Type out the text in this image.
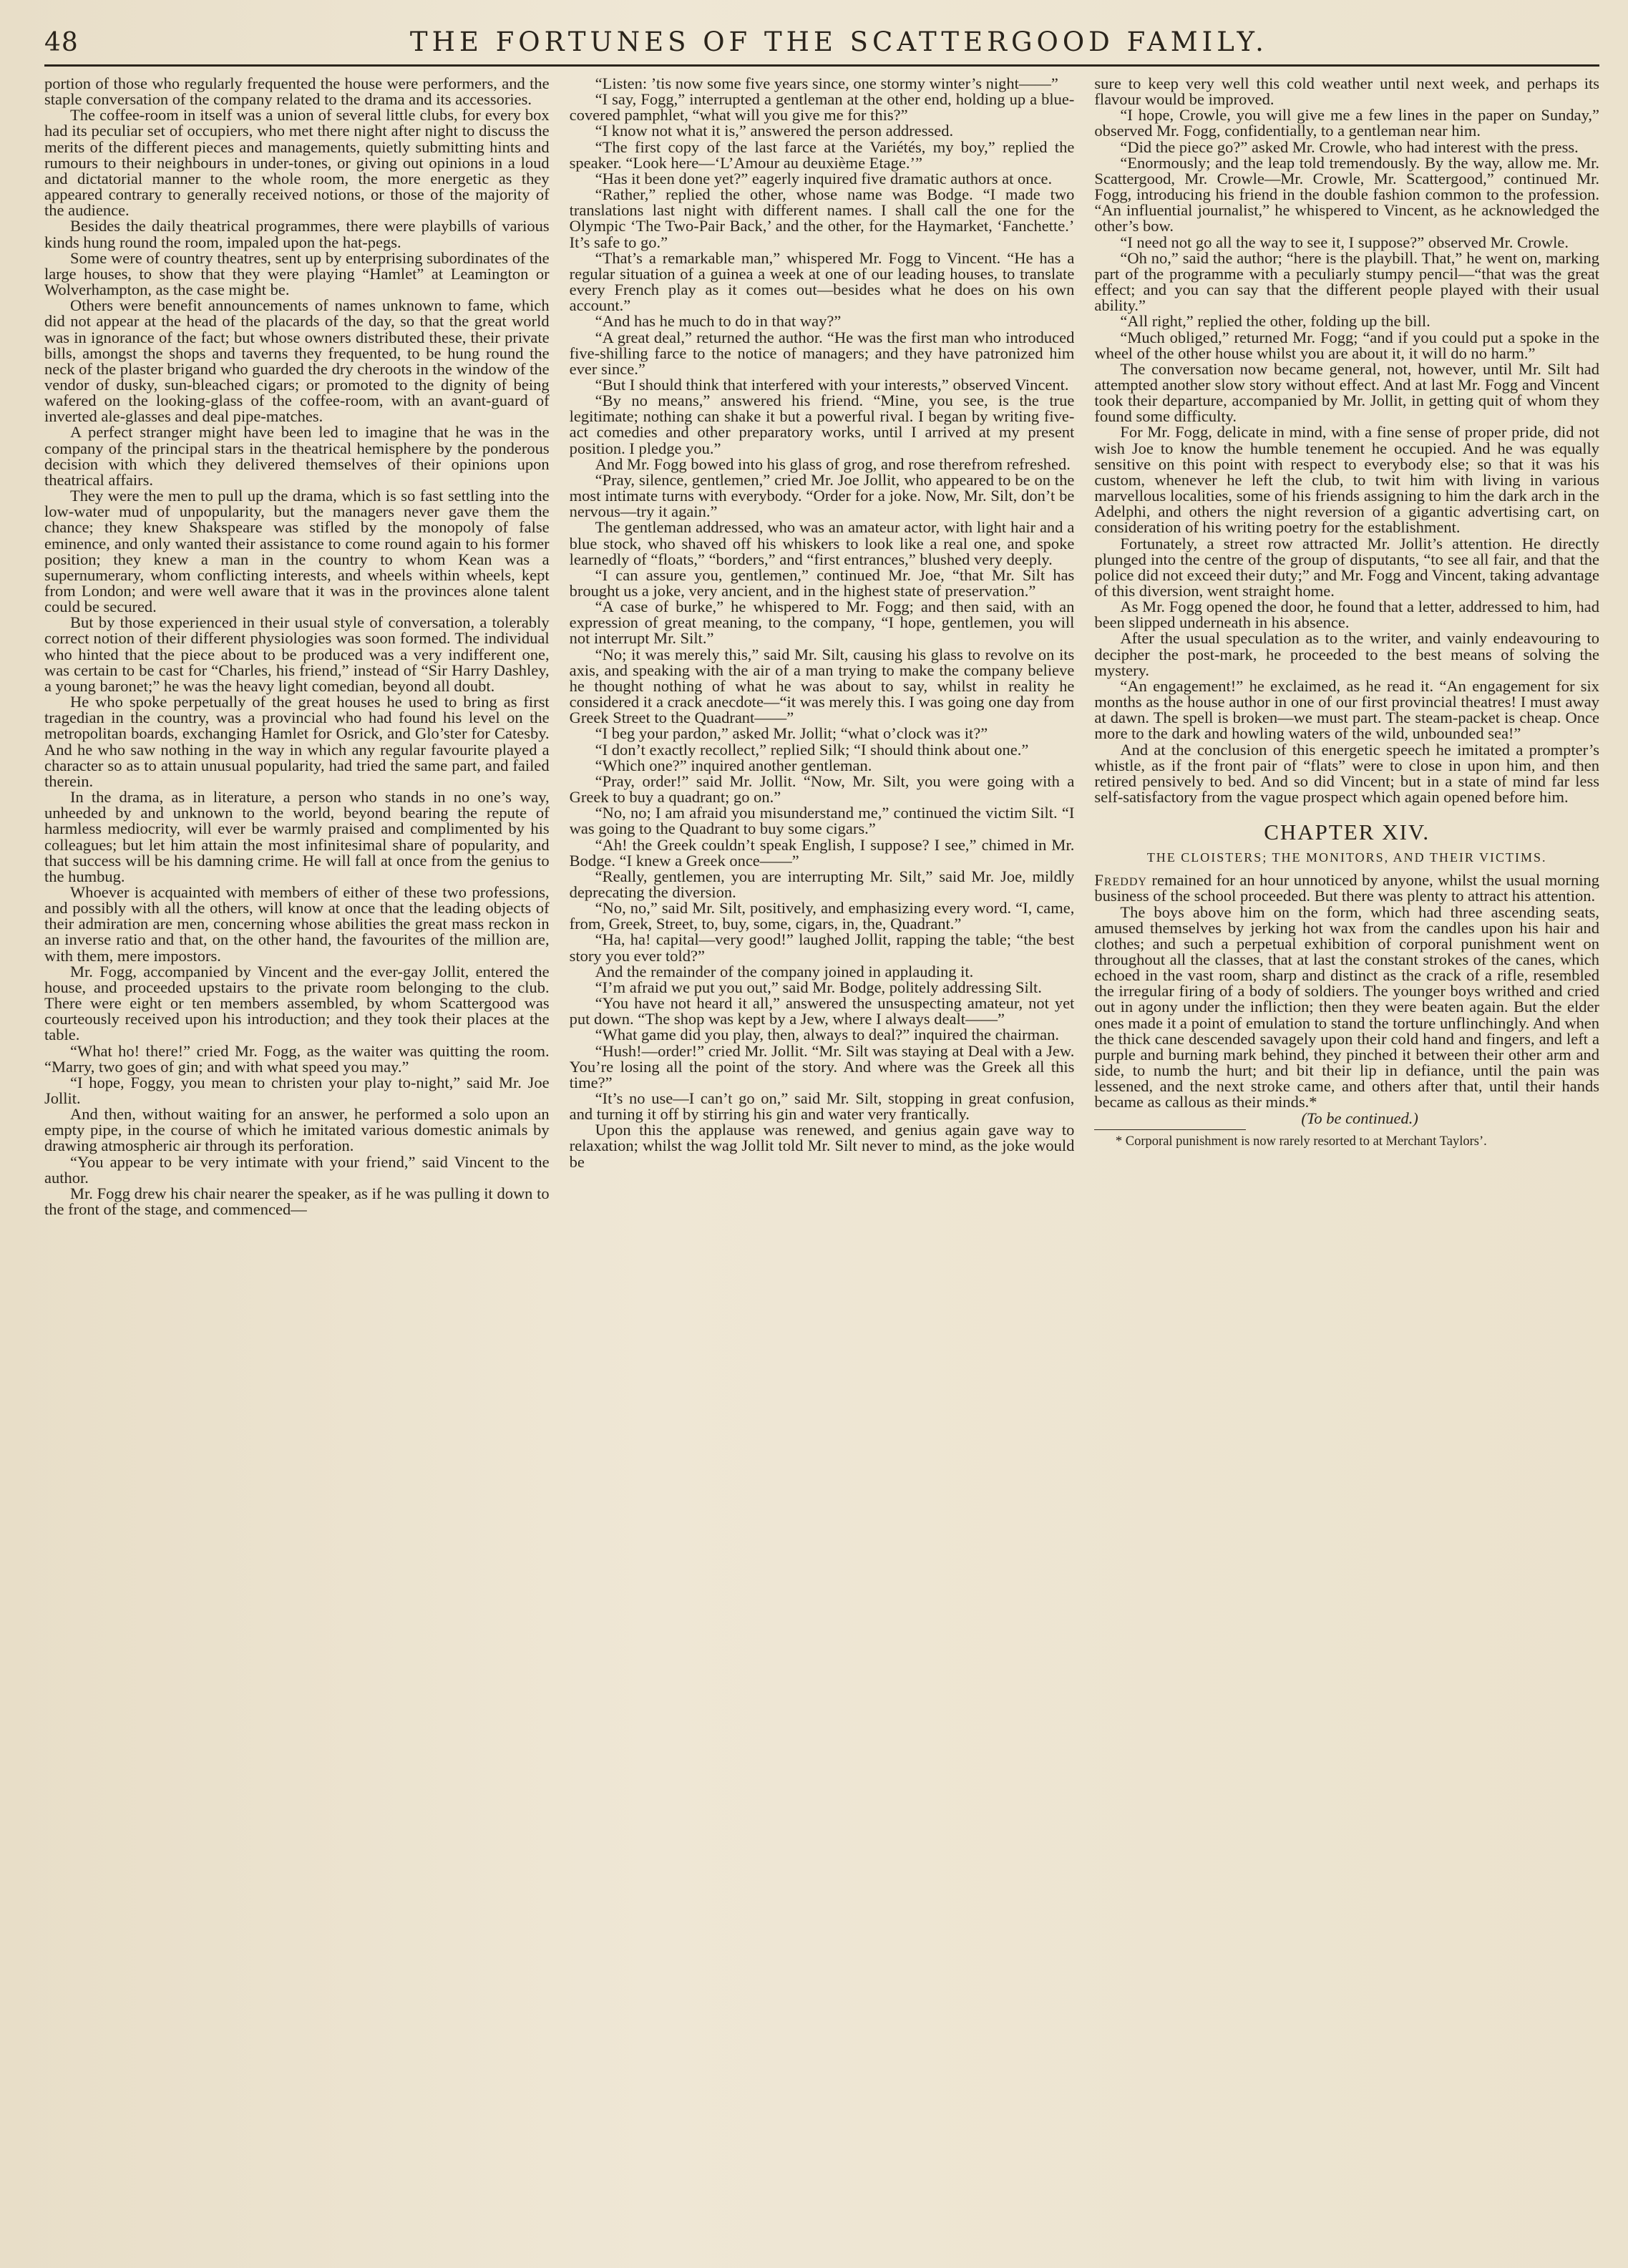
48	THE FORTUNES OF THE SCATTERGOOD FAMILY.

portion of those who regularly frequented the house were performers, and the staple conversation of the company related to the drama and its accessories.

The coffee-room in itself was a union of several little clubs, for every box had its peculiar set of occupiers, who met there night after night to discuss the merits of the different pieces and managements, quietly submitting hints and rumours to their neighbours in under-tones, or giving out opinions in a loud and dictatorial manner to the whole room, the more energetic as they appeared contrary to generally received notions, or those of the majority of the audience.

Besides the daily theatrical programmes, there were playbills of various kinds hung round the room, impaled upon the hat-pegs.

Some were of country theatres, sent up by enterprising subordinates of the large houses, to show that they were playing “Hamlet” at Leamington or Wolverhampton, as the case might be.

Others were benefit announcements of names unknown to fame, which did not appear at the head of the placards of the day, so that the great world was in ignorance of the fact; but whose owners distributed these, their private bills, amongst the shops and taverns they frequented, to be hung round the neck of the plaster brigand who guarded the dry cheroots in the window of the vendor of dusky, sun-bleached cigars; or promoted to the dignity of being wafered on the looking-glass of the coffee-room, with an avant-guard of inverted ale-glasses and deal pipe-matches.

A perfect stranger might have been led to imagine that he was in the company of the principal stars in the theatrical hemisphere by the ponderous decision with which they delivered themselves of their opinions upon theatrical affairs.

They were the men to pull up the drama, which is so fast settling into the low-water mud of unpopularity, but the managers never gave them the chance; they knew Shakspeare was stifled by the monopoly of false eminence, and only wanted their assistance to come round again to his former position; they knew a man in the country to whom Kean was a supernumerary, whom conflicting interests, and wheels within wheels, kept from London; and were well aware that it was in the provinces alone talent could be secured.

But by those experienced in their usual style of conversation, a tolerably correct notion of their different physiologies was soon formed. The individual who hinted that the piece about to be produced was a very indifferent one, was certain to be cast for “Charles, his friend,” instead of “Sir Harry Dashley, a young baronet;” he was the heavy light comedian, beyond all doubt.

He who spoke perpetually of the great houses he used to bring as first tragedian in the country, was a provincial who had found his level on the metropolitan boards, exchanging Hamlet for Osrick, and Glo’ster for Catesby. And he who saw nothing in the way in which any regular favourite played a character so as to attain unusual popularity, had tried the same part, and failed therein.

In the drama, as in literature, a person who stands in no one’s way, unheeded by and unknown to the world, beyond bearing the repute of harmless mediocrity, will ever be warmly praised and complimented by his colleagues; but let him attain the most infinitesimal share of popularity, and that success will be his damning crime. He will fall at once from the genius to the humbug.

Whoever is acquainted with members of either of these two professions, and possibly with all the others, will know at once that the leading objects of their admiration are men, concerning whose abilities the great mass reckon in an inverse ratio and that, on the other hand, the favourites of the million are, with them, mere impostors.

Mr. Fogg, accompanied by Vincent and the ever-gay Jollit, entered the house, and proceeded upstairs to the private room belonging to the club. There were eight or ten members assembled, by whom Scattergood was courteously received upon his introduction; and they took their places at the table.

“What ho! there!” cried Mr. Fogg, as the waiter was quitting the room. “Marry, two goes of gin; and with what speed you may.”

“I hope, Foggy, you mean to christen your play to-night,” said Mr. Joe Jollit.

And then, without waiting for an answer, he performed a solo upon an empty pipe, in the course of which he imitated various domestic animals by drawing atmospheric air through its perforation.

“You appear to be very intimate with your friend,” said Vincent to the author.

Mr. Fogg drew his chair nearer the speaker, as if he was pulling it down to the front of the stage, and commenced—

“Listen: ’tis now some five years since, one stormy winter’s night——”

“I say, Fogg,” interrupted a gentleman at the other end, holding up a blue-covered pamphlet, “what will you give me for this?”

“I know not what it is,” answered the person addressed.

“The first copy of the last farce at the Variétés, my boy,” replied the speaker. “Look here—‘L’Amour au deuxième Etage.’”

“Has it been done yet?” eagerly inquired five dramatic authors at once.

“Rather,” replied the other, whose name was Bodge. “I made two translations last night with different names. I shall call the one for the Olympic ‘The Two-Pair Back,’ and the other, for the Haymarket, ‘Fanchette.’ It’s safe to go.”

“That’s a remarkable man,” whispered Mr. Fogg to Vincent. “He has a regular situation of a guinea a week at one of our leading houses, to translate every French play as it comes out—besides what he does on his own account.”

“And has he much to do in that way?”

“A great deal,” returned the author. “He was the first man who introduced five-shilling farce to the notice of managers; and they have patronized him ever since.”

“But I should think that interfered with your interests,” observed Vincent.

“By no means,” answered his friend. “Mine, you see, is the true legitimate; nothing can shake it but a powerful rival. I began by writing five-act comedies and other preparatory works, until I arrived at my present position. I pledge you.”

And Mr. Fogg bowed into his glass of grog, and rose therefrom refreshed.

“Pray, silence, gentlemen,” cried Mr. Joe Jollit, who appeared to be on the most intimate turns with everybody. “Order for a joke. Now, Mr. Silt, don’t be nervous—try it again.”

The gentleman addressed, who was an amateur actor, with light hair and a blue stock, who shaved off his whiskers to look like a real one, and spoke learnedly of “floats,” “borders,” and “first entrances,” blushed very deeply.

“I can assure you, gentlemen,” continued Mr. Joe, “that Mr. Silt has brought us a joke, very ancient, and in the highest state of preservation.”

“A case of burke,” he whispered to Mr. Fogg; and then said, with an expression of great meaning, to the company, “I hope, gentlemen, you will not interrupt Mr. Silt.”

“No; it was merely this,” said Mr. Silt, causing his glass to revolve on its axis, and speaking with the air of a man trying to make the company believe he thought nothing of what he was about to say, whilst in reality he considered it a crack anecdote—“it was merely this. I was going one day from Greek Street to the Quadrant——”

“I beg your pardon,” asked Mr. Jollit; “what o’clock was it?”

“I don’t exactly recollect,” replied Silk; “I should think about one.”

“Which one?” inquired another gentleman.

“Pray, order!” said Mr. Jollit. “Now, Mr. Silt, you were going with a Greek to buy a quadrant; go on.”

“No, no; I am afraid you misunderstand me,” continued the victim Silt. “I was going to the Quadrant to buy some cigars.”

“Ah! the Greek couldn’t speak English, I suppose? I see,” chimed in Mr. Bodge. “I knew a Greek once——”

“Really, gentlemen, you are interrupting Mr. Silt,” said Mr. Joe, mildly deprecating the diversion.

“No, no,” said Mr. Silt, positively, and emphasizing every word. “I, came, from, Greek, Street, to, buy, some, cigars, in, the, Quadrant.”

“Ha, ha! capital—very good!” laughed Jollit, rapping the table; “the best story you ever told?”

And the remainder of the company joined in applauding it.

“I’m afraid we put you out,” said Mr. Bodge, politely addressing Silt.

“You have not heard it all,” answered the unsuspecting amateur, not yet put down. “The shop was kept by a Jew, where I always dealt——”

“What game did you play, then, always to deal?” inquired the chairman.

“Hush!—order!” cried Mr. Jollit. “Mr. Silt was staying at Deal with a Jew. You’re losing all the point of the story. And where was the Greek all this time?”

“It’s no use—I can’t go on,” said Mr. Silt, stopping in great confusion, and turning it off by stirring his gin and water very frantically.

Upon this the applause was renewed, and genius again gave way to relaxation; whilst the wag Jollit told Mr. Silt never to mind, as the joke would be

sure to keep very well this cold weather until next week, and perhaps its flavour would be improved.

“I hope, Crowle, you will give me a few lines in the paper on Sunday,” observed Mr. Fogg, confidentially, to a gentleman near him.

“Did the piece go?” asked Mr. Crowle, who had interest with the press.

“Enormously; and the leap told tremendously. By the way, allow me. Mr. Scattergood, Mr. Crowle—Mr. Crowle, Mr. Scattergood,” continued Mr. Fogg, introducing his friend in the double fashion common to the profession. “An influential journalist,” he whispered to Vincent, as he acknowledged the other’s bow.

“I need not go all the way to see it, I suppose?” observed Mr. Crowle.

“Oh no,” said the author; “here is the playbill. That,” he went on, marking part of the programme with a peculiarly stumpy pencil—“that was the great effect; and you can say that the different people played with their usual ability.”

“All right,” replied the other, folding up the bill.

“Much obliged,” returned Mr. Fogg; “and if you could put a spoke in the wheel of the other house whilst you are about it, it will do no harm.”

The conversation now became general, not, however, until Mr. Silt had attempted another slow story without effect. And at last Mr. Fogg and Vincent took their departure, accompanied by Mr. Jollit, in getting quit of whom they found some difficulty.

For Mr. Fogg, delicate in mind, with a fine sense of proper pride, did not wish Joe to know the humble tenement he occupied. And he was equally sensitive on this point with respect to everybody else; so that it was his custom, whenever he left the club, to twit him with living in various marvellous localities, some of his friends assigning to him the dark arch in the Adelphi, and others the night reversion of a gigantic advertising cart, on consideration of his writing poetry for the establishment.

Fortunately, a street row attracted Mr. Jollit’s attention. He directly plunged into the centre of the group of disputants, “to see all fair, and that the police did not exceed their duty;” and Mr. Fogg and Vincent, taking advantage of this diversion, went straight home.

As Mr. Fogg opened the door, he found that a letter, addressed to him, had been slipped underneath in his absence.

After the usual speculation as to the writer, and vainly endeavouring to decipher the post-mark, he proceeded to the best means of solving the mystery.

“An engagement!” he exclaimed, as he read it. “An engagement for six months as the house author in one of our first provincial theatres! I must away at dawn. The spell is broken—we must part. The steam-packet is cheap. Once more to the dark and howling waters of the wild, unbounded sea!”

And at the conclusion of this energetic speech he imitated a prompter’s whistle, as if the front pair of “flats” were to close in upon him, and then retired pensively to bed. And so did Vincent; but in a state of mind far less self-satisfactory from the vague prospect which again opened before him.

CHAPTER XIV.
THE CLOISTERS; THE MONITORS, AND THEIR VICTIMS.

Freddy remained for an hour unnoticed by anyone, whilst the usual morning business of the school proceeded. But there was plenty to attract his attention.

The boys above him on the form, which had three ascending seats, amused themselves by jerking hot wax from the candles upon his hair and clothes; and such a perpetual exhibition of corporal punishment went on throughout all the classes, that at last the constant strokes of the canes, which echoed in the vast room, sharp and distinct as the crack of a rifle, resembled the irregular firing of a body of soldiers. The younger boys writhed and cried out in agony under the infliction; then they were beaten again. But the elder ones made it a point of emulation to stand the torture unflinchingly. And when the thick cane descended savagely upon their cold hand and fingers, and left a purple and burning mark behind, they pinched it between their other arm and side, to numb the hurt; and bit their lip in defiance, until the pain was lessened, and the next stroke came, and others after that, until their hands became as callous as their minds.*

(To be continued.)

* Corporal punishment is now rarely resorted to at Merchant Taylors’.
